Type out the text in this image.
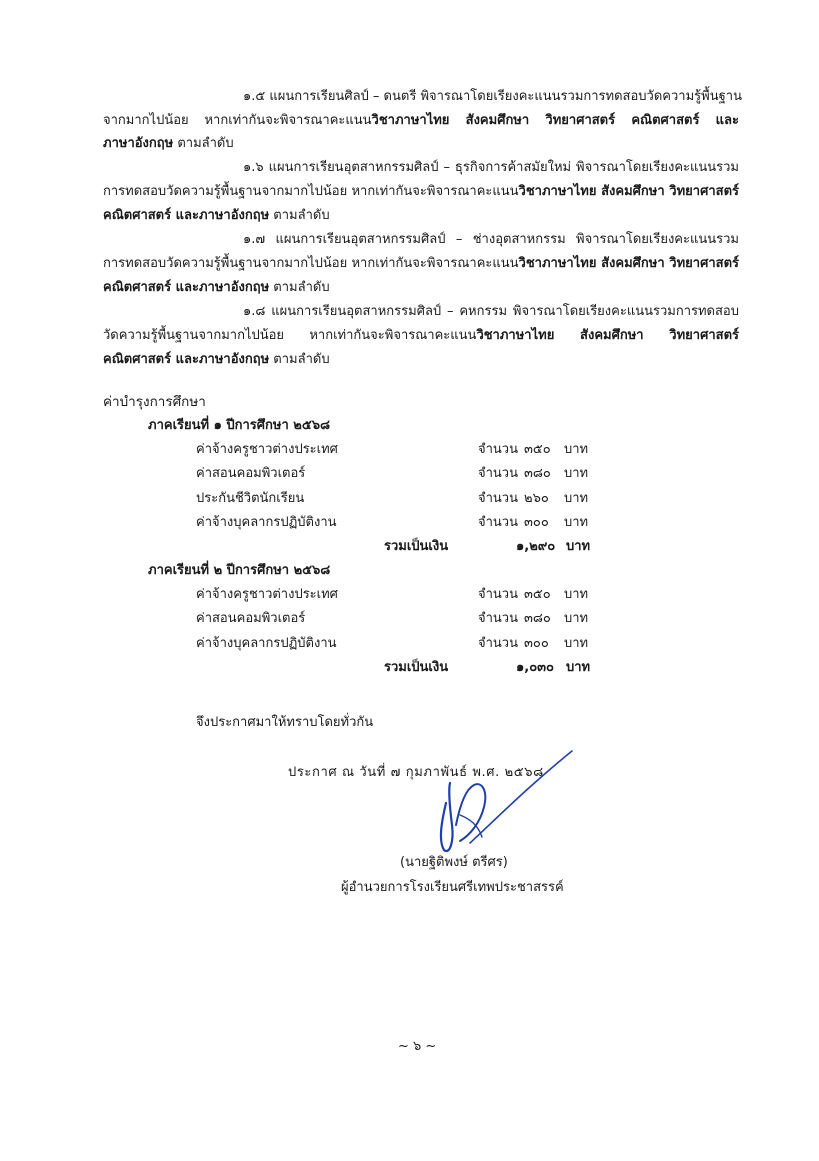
๑.๕ แผนการเรียนศิลป์ – ดนตรี พิจารณาโดยเรียงคะแนนรวมการทดสอบวัดความรู้พื้นฐาน
จากมากไปน้อย หากเท่ากันจะพิจารณาคะแนนวิชาภาษาไทย สังคมศึกษา วิทยาศาสตร์ คณิตศาสตร์ และ
ภาษาอังกฤษ ตามลำดับ
๑.๖ แผนการเรียนอุตสาหกรรมศิลป์ – ธุรกิจการค้าสมัยใหม่ พิจารณาโดยเรียงคะแนนรวม
การทดสอบวัดความรู้พื้นฐานจากมากไปน้อย หากเท่ากันจะพิจารณาคะแนนวิชาภาษาไทย สังคมศึกษา วิทยาศาสตร์
คณิตศาสตร์ และภาษาอังกฤษ ตามลำดับ
๑.๗ แผนการเรียนอุตสาหกรรมศิลป์ – ช่างอุตสาหกรรม พิจารณาโดยเรียงคะแนนรวม
การทดสอบวัดความรู้พื้นฐานจากมากไปน้อย หากเท่ากันจะพิจารณาคะแนนวิชาภาษาไทย สังคมศึกษา วิทยาศาสตร์
คณิตศาสตร์ และภาษาอังกฤษ ตามลำดับ
๑.๘ แผนการเรียนอุตสาหกรรมศิลป์ – คหกรรม พิจารณาโดยเรียงคะแนนรวมการทดสอบ
วัดความรู้พื้นฐานจากมากไปน้อย หากเท่ากันจะพิจารณาคะแนนวิชาภาษาไทย สังคมศึกษา วิทยาศาสตร์
คณิตศาสตร์ และภาษาอังกฤษ ตามลำดับ
ค่าบำรุงการศึกษา
ภาคเรียนที่ ๑ ปีการศึกษา ๒๕๖๘
ค่าจ้างครูชาวต่างประเทศ	จำนวน ๓๕๐ บาท
ค่าสอนคอมพิวเตอร์	จำนวน ๓๘๐ บาท
ประกันชีวิตนักเรียน	จำนวน ๒๖๐ บาท
ค่าจ้างบุคลากรปฏิบัติงาน	จำนวน ๓๐๐ บาท
รวมเป็นเงิน	๑,๒๙๐ บาท
ภาคเรียนที่ ๒ ปีการศึกษา ๒๕๖๘
ค่าจ้างครูชาวต่างประเทศ	จำนวน ๓๕๐ บาท
ค่าสอนคอมพิวเตอร์	จำนวน ๓๘๐ บาท
ค่าจ้างบุคลากรปฏิบัติงาน	จำนวน ๓๐๐ บาท
รวมเป็นเงิน	๑,๐๓๐ บาท
จึงประกาศมาให้ทราบโดยทั่วกัน
ประกาศ ณ วันที่ ๗ กุมภาพันธ์ พ.ศ. ๒๕๖๘
(นายฐิติพงษ์ ตรีศร)
ผู้อำนวยการโรงเรียนศรีเทพประชาสรรค์
~ ๖ ~
